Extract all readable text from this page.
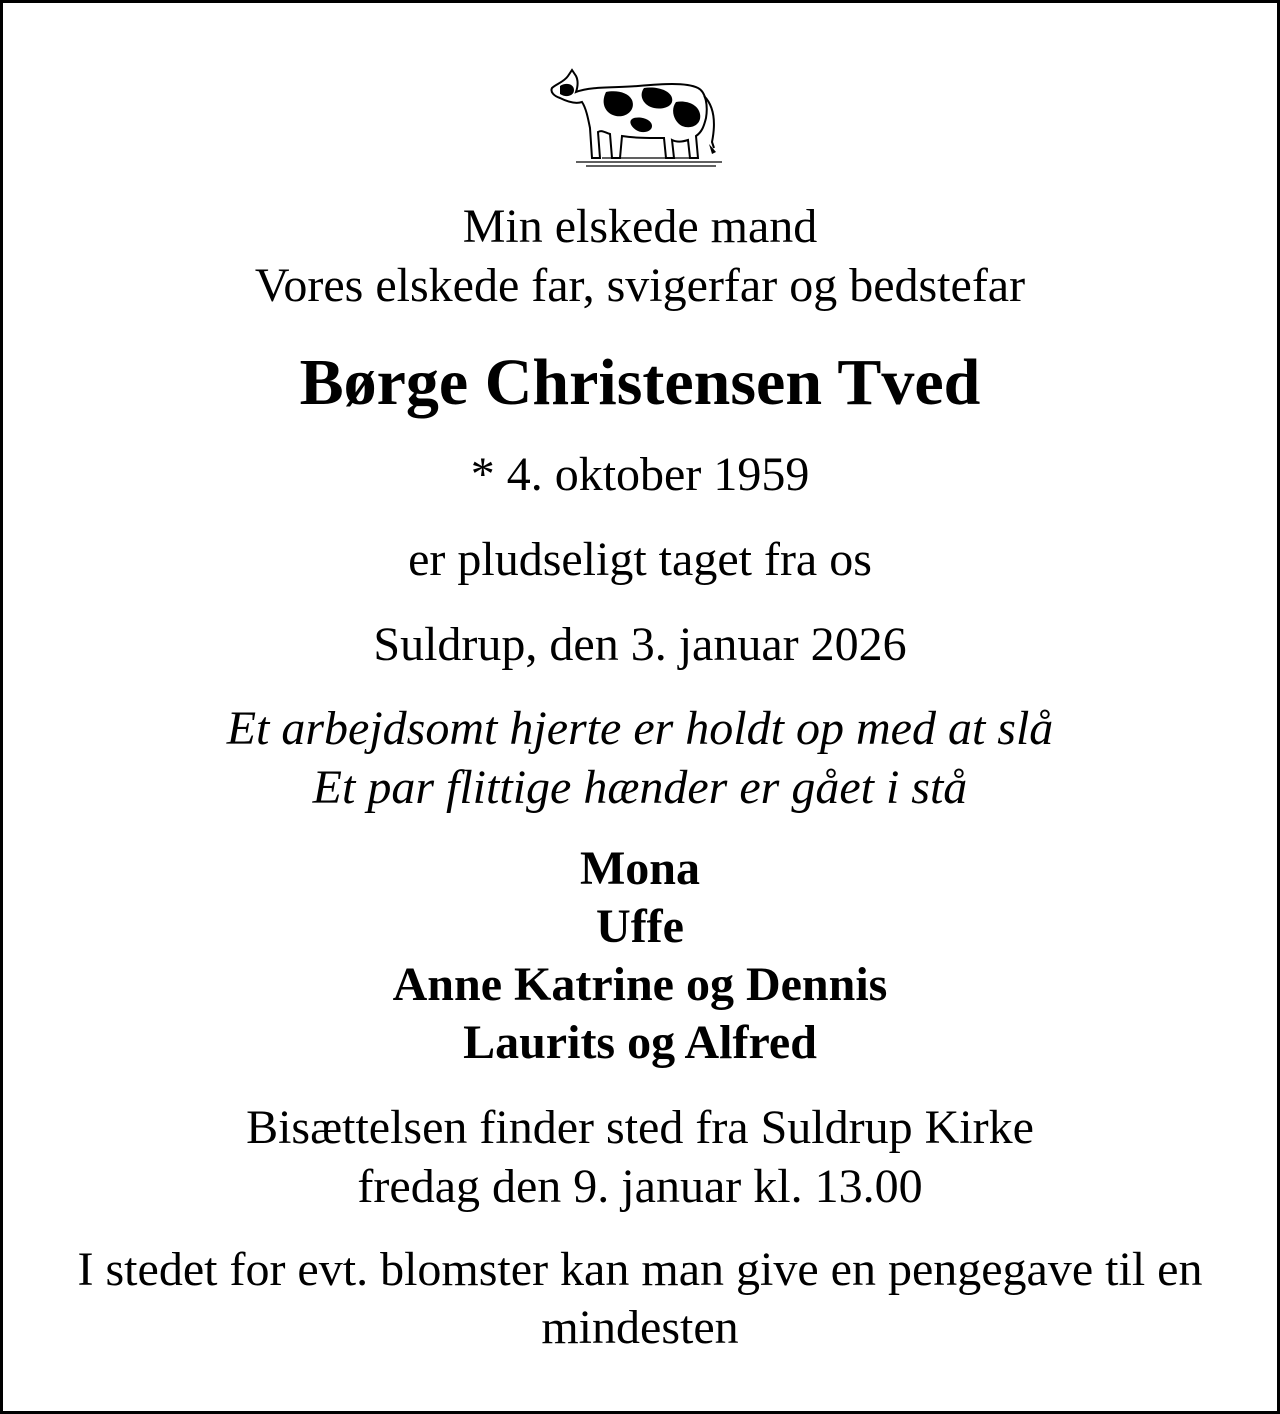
Min elskede mand
Vores elskede far, svigerfar og bedstefar
Børge Christensen Tved
* 4. oktober 1959
er pludseligt taget fra os
Suldrup, den 3. januar 2026
Et arbejdsomt hjerte er holdt op med at slå
Et par flittige hænder er gået i stå
Mona
Uffe
Anne Katrine og Dennis
Laurits og Alfred
Bisættelsen finder sted fra Suldrup Kirke
fredag den 9. januar kl. 13.00
I stedet for evt. blomster kan man give en pengegave til en
mindesten
